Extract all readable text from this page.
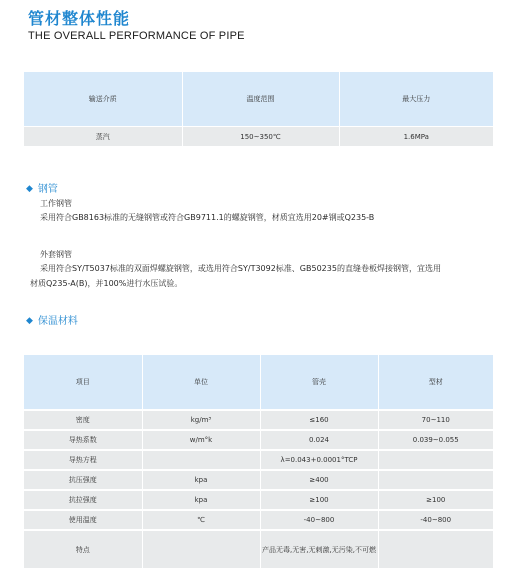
管材整体性能
THE OVERALL PERFORMANCE OF PIPE
输送介质	温度范围	最大压力
蒸汽	150~350℃	1.6MPa
◆ 钢管
工作钢管
采用符合GB8163标准的无缝钢管或符合GB9711.1的螺旋钢管，材质宜选用20#钢或Q235-B
外套钢管
采用符合SY/T5037标准的双面焊螺旋钢管，或选用符合SY/T3092标准、GB50235的直缝卷板焊接钢管，宜选用
材质Q235-A(B)，并100%进行水压试验。
◆ 保温材料
项目	单位	管壳	型材
密度	kg/m³	≤160	70~110
导热系数	w/m°k	0.024	0.039~0.055
导热方程		λ=0.043+0.0001°TCP	
抗压强度	kpa	≥400	
抗拉强度	kpa	≥100	≥100
使用温度	℃	-40~800	-40~800
特点		产品无毒,无害,无刺激,无污染,不可燃	
